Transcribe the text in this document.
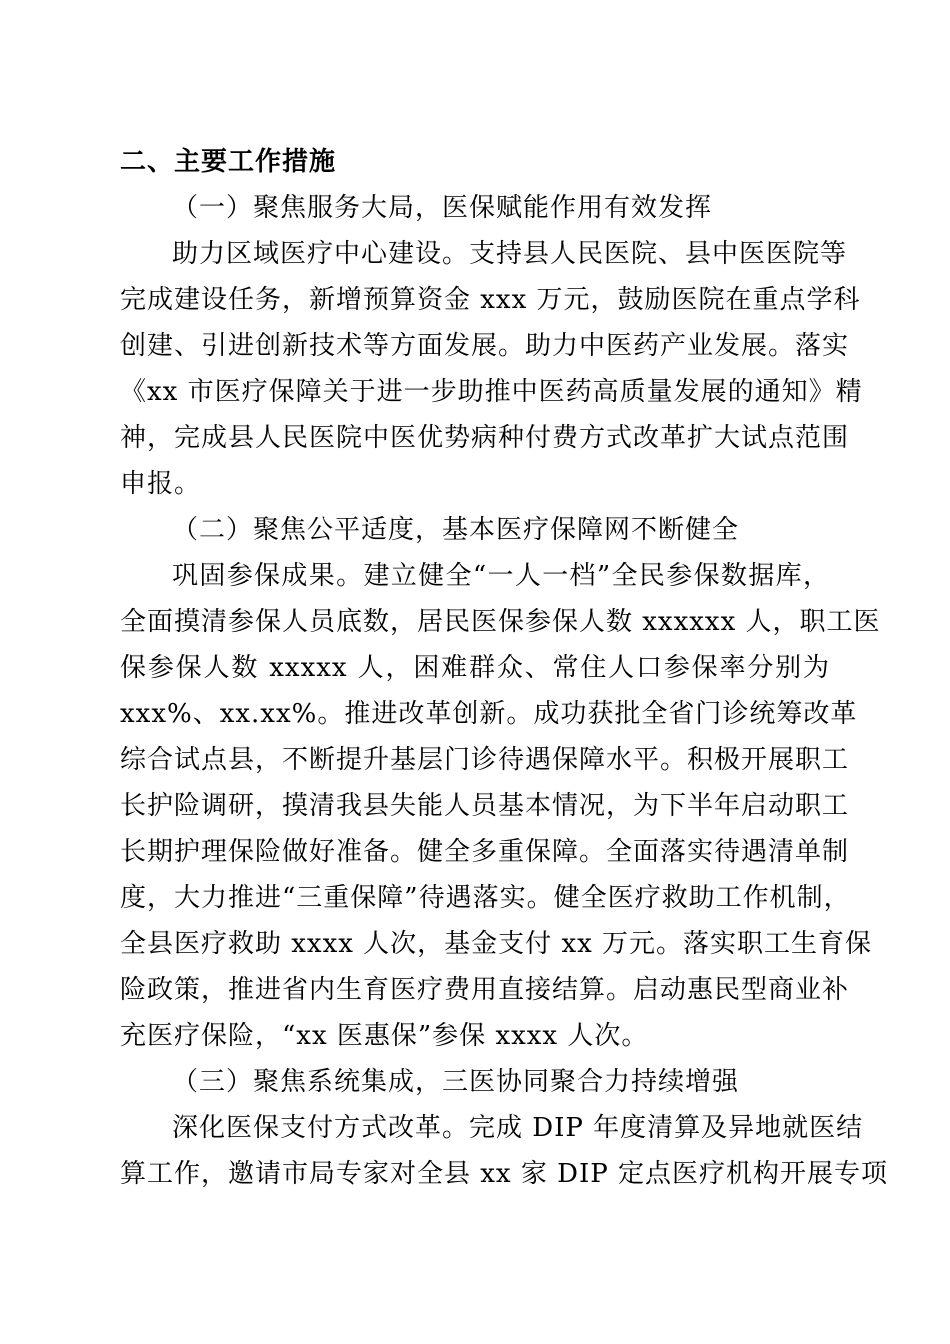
二、主要工作措施
（一）聚焦服务大局，医保赋能作用有效发挥
助力区域医疗中心建设。支持县人民医院、县中医医院等
完成建设任务，新增预算资金 xxx 万元，鼓励医院在重点学科
创建、引进创新技术等方面发展。助力中医药产业发展。落实
《xx 市医疗保障关于进一步助推中医药高质量发展的通知》精
神，完成县人民医院中医优势病种付费方式改革扩大试点范围
申报。
（二）聚焦公平适度，基本医疗保障网不断健全
巩固参保成果。建立健全“一人一档”全民参保数据库，
全面摸清参保人员底数，居民医保参保人数 xxxxxx 人，职工医
保参保人数 xxxxx 人，困难群众、常住人口参保率分别为
xxx%、xx.xx%。推进改革创新。成功获批全省门诊统筹改革
综合试点县，不断提升基层门诊待遇保障水平。积极开展职工
长护险调研，摸清我县失能人员基本情况，为下半年启动职工
长期护理保险做好准备。健全多重保障。全面落实待遇清单制
度，大力推进“三重保障”待遇落实。健全医疗救助工作机制，
全县医疗救助 xxxx 人次，基金支付 xx 万元。落实职工生育保
险政策，推进省内生育医疗费用直接结算。启动惠民型商业补
充医疗保险，“xx 医惠保”参保 xxxx 人次。
（三）聚焦系统集成，三医协同聚合力持续增强
深化医保支付方式改革。完成 DIP 年度清算及异地就医结
算工作，邀请市局专家对全县 xx 家 DIP 定点医疗机构开展专项
